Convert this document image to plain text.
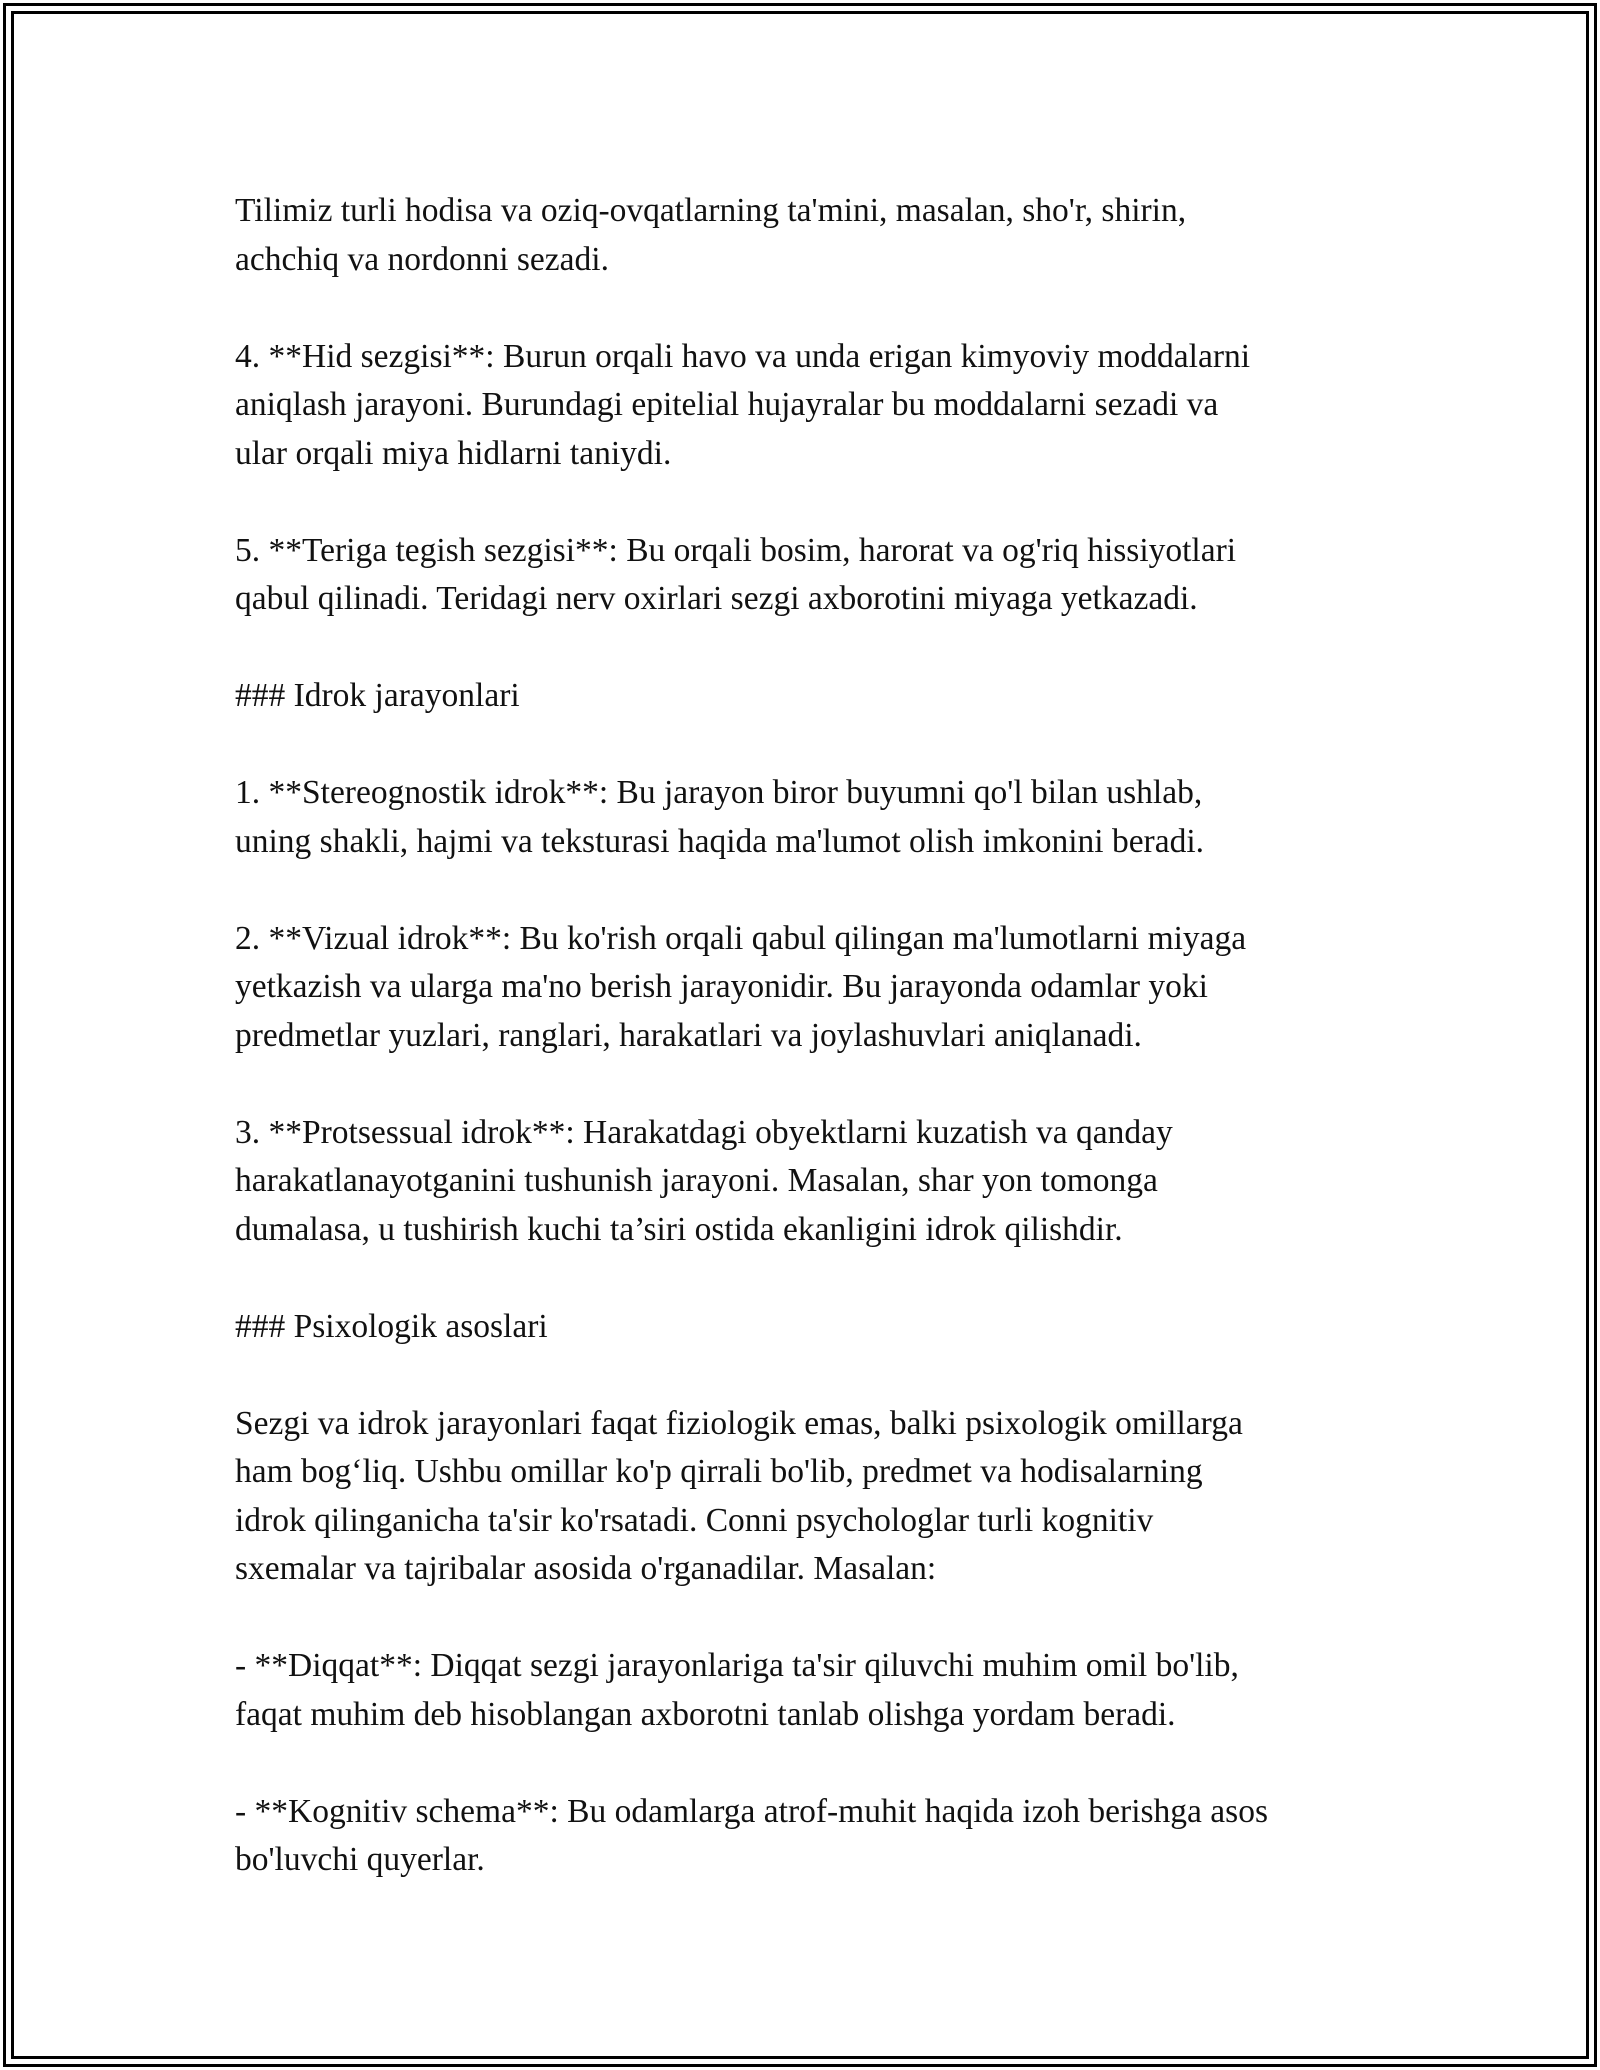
Tilimiz turli hodisa va oziq-ovqatlarning ta'mini, masalan, sho'r, shirin,
achchiq va nordonni sezadi.

4. **Hid sezgisi**: Burun orqali havo va unda erigan kimyoviy moddalarni
aniqlash jarayoni. Burundagi epitelial hujayralar bu moddalarni sezadi va
ular orqali miya hidlarni taniydi.

5. **Teriga tegish sezgisi**: Bu orqali bosim, harorat va og'riq hissiyotlari
qabul qilinadi. Teridagi nerv oxirlari sezgi axborotini miyaga yetkazadi.

### Idrok jarayonlari

1. **Stereognostik idrok**: Bu jarayon biror buyumni qo'l bilan ushlab,
uning shakli, hajmi va teksturasi haqida ma'lumot olish imkonini beradi.

2. **Vizual idrok**: Bu ko'rish orqali qabul qilingan ma'lumotlarni miyaga
yetkazish va ularga ma'no berish jarayonidir. Bu jarayonda odamlar yoki
predmetlar yuzlari, ranglari, harakatlari va joylashuvlari aniqlanadi.

3. **Protsessual idrok**: Harakatdagi obyektlarni kuzatish va qanday
harakatlanayotganini tushunish jarayoni. Masalan, shar yon tomonga
dumalasa, u tushirish kuchi ta’siri ostida ekanligini idrok qilishdir.

### Psixologik asoslari

Sezgi va idrok jarayonlari faqat fiziologik emas, balki psixologik omillarga
ham bog‘liq. Ushbu omillar ko'p qirrali bo'lib, predmet va hodisalarning
idrok qilinganicha ta'sir ko'rsatadi. Conni psychologlar turli kognitiv
sxemalar va tajribalar asosida o'rganadilar. Masalan:

- **Diqqat**: Diqqat sezgi jarayonlariga ta'sir qiluvchi muhim omil bo'lib,
faqat muhim deb hisoblangan axborotni tanlab olishga yordam beradi.

- **Kognitiv schema**: Bu odamlarga atrof-muhit haqida izoh berishga asos
bo'luvchi quyerlar.
